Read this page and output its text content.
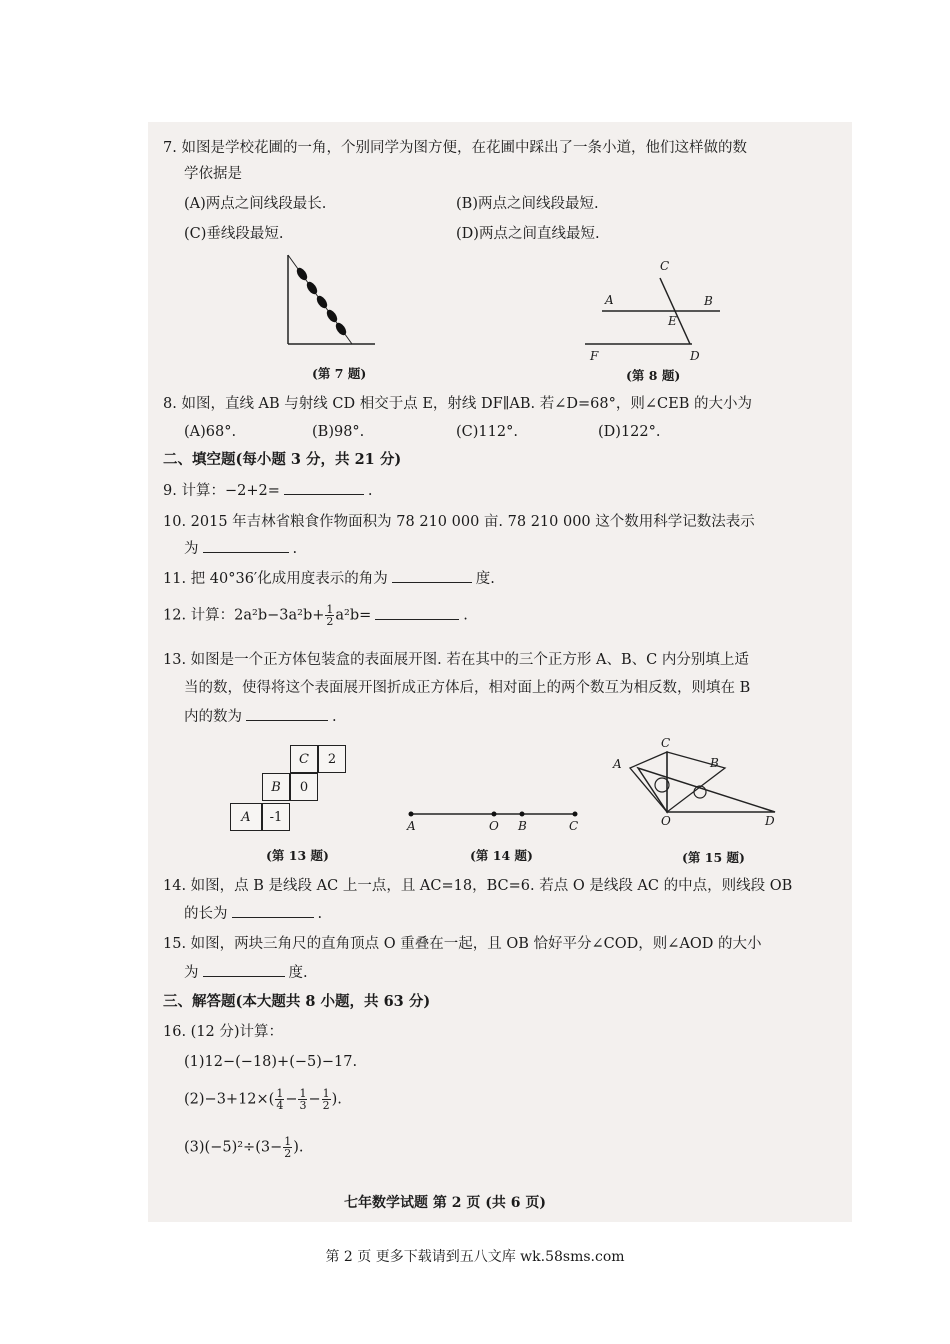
7. 如图是学校花圃的一角，个别同学为图方便，在花圃中踩出了一条小道，他们这样做的数
学依据是
(A)两点之间线段最长.	(B)两点之间线段最短.
(C)垂线段最短.	(D)两点之间直线最短.
(第 7 题)
C
A	B
E
F	D
(第 8 题)
8. 如图，直线 AB 与射线 CD 相交于点 E，射线 DF∥AB. 若∠D=68°，则∠CEB 的大小为
(A)68°.	(B)98°.	(C)112°.	(D)122°.
二、填空题(每小题 3 分，共 21 分)
9. 计算：−2+2=	.
10. 2015 年吉林省粮食作物面积为 78 210 000 亩. 78 210 000 这个数用科学记数法表示
为	.
11. 把 40°36′化成用度表示的角为	度.
12. 计算：$2a^2b-3a^2b+ \frac{1}{2} a^2b=$	.
13. 如图是一个正方体包装盒的表面展开图. 若在其中的三个正方形 A、B、C 内分别填上适
当的数，使得将这个表面展开图折成正方体后，相对面上的两个数互为相反数，则填在 B
内的数为	.
C	2
B	0
A	-1
(第 13 题)
A	O B	C
(第 14 题)
C
A	B
O	D
(第 15 题)
14. 如图，点 B 是线段 AC 上一点，且 AC=18，BC=6. 若点 O 是线段 AC 的中点，则线段 OB
的长为	.
15. 如图，两块三角尺的直角顶点 O 重叠在一起，且 OB 恰好平分∠COD，则∠AOD 的大小
为	度.
三、解答题(本大题共 8 小题，共 63 分)
16. (12 分)计算：
(1)12−(−18)+(−5)−17.
$(2)-3+12\times( \frac{1}{4} - \frac{1}{3} - \frac{1}{2}$ ).
$(3)(-5)^2\div(3- \frac{1}{2}$ ).
七年数学试题 第 2 页 (共 6 页)
第 2 页 更多下载请到五八文库 wk.58sms.com
